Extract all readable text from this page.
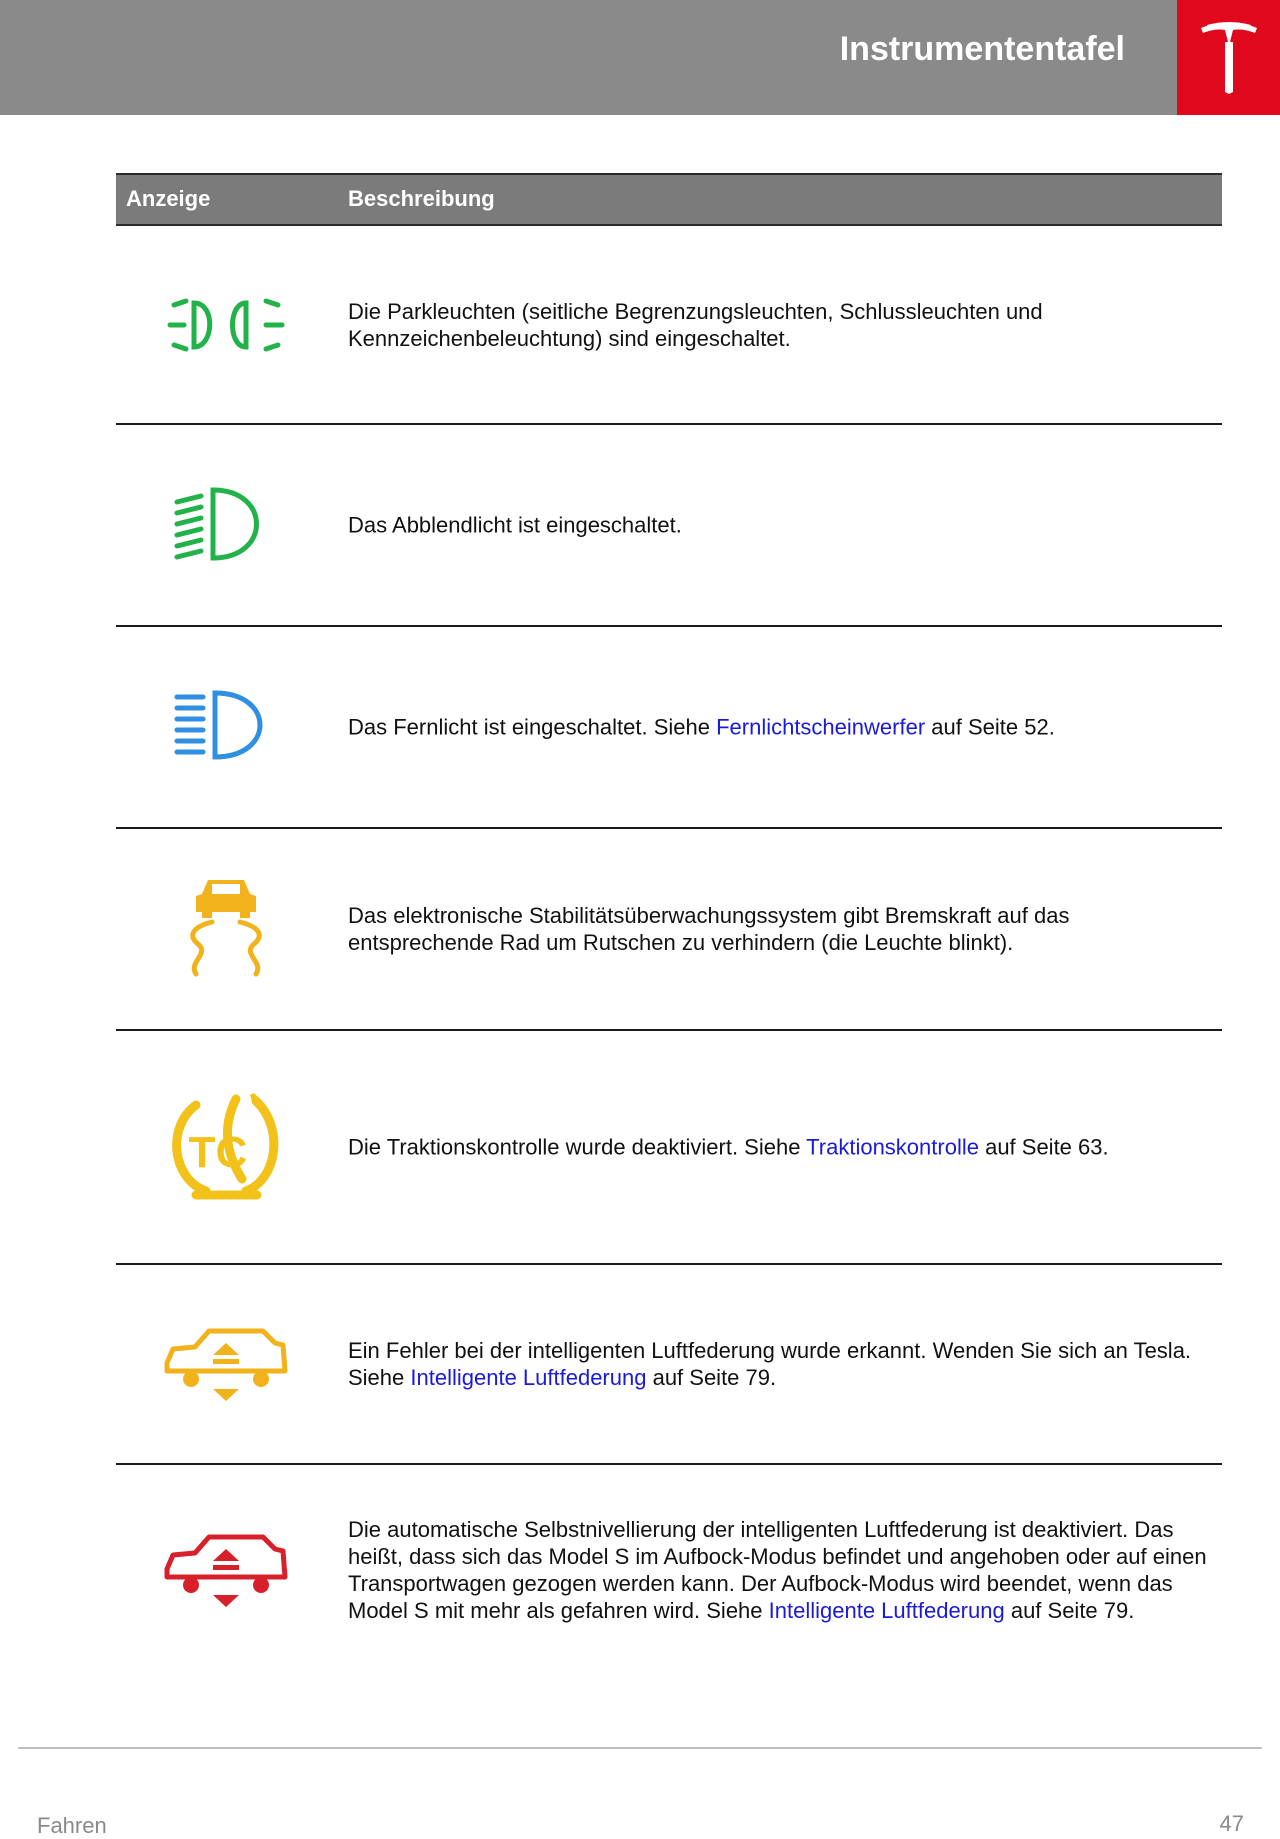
Instrumententafel
Anzeige	Beschreibung
Die Parkleuchten (seitliche Begrenzungsleuchten, Schlussleuchten und Kennzeichenbeleuchtung) sind eingeschaltet.
Das Abblendlicht ist eingeschaltet.
Das Fernlicht ist eingeschaltet. Siehe Fernlichtscheinwerfer auf Seite 52.
Das elektronische Stabilitätsüberwachungssystem gibt Bremskraft auf das entsprechende Rad um Rutschen zu verhindern (die Leuchte blinkt).
TC	Die Traktionskontrolle wurde deaktiviert. Siehe Traktionskontrolle auf Seite 63.
Ein Fehler bei der intelligenten Luftfederung wurde erkannt. Wenden Sie sich an Tesla. Siehe Intelligente Luftfederung auf Seite 79.
Die automatische Selbstnivellierung der intelligenten Luftfederung ist deaktiviert. Das heißt, dass sich das Model S im Aufbock-Modus befindet und angehoben oder auf einen Transportwagen gezogen werden kann. Der Aufbock-Modus wird beendet, wenn das Model S mit mehr als gefahren wird. Siehe Intelligente Luftfederung auf Seite 79.
Fahren	47
